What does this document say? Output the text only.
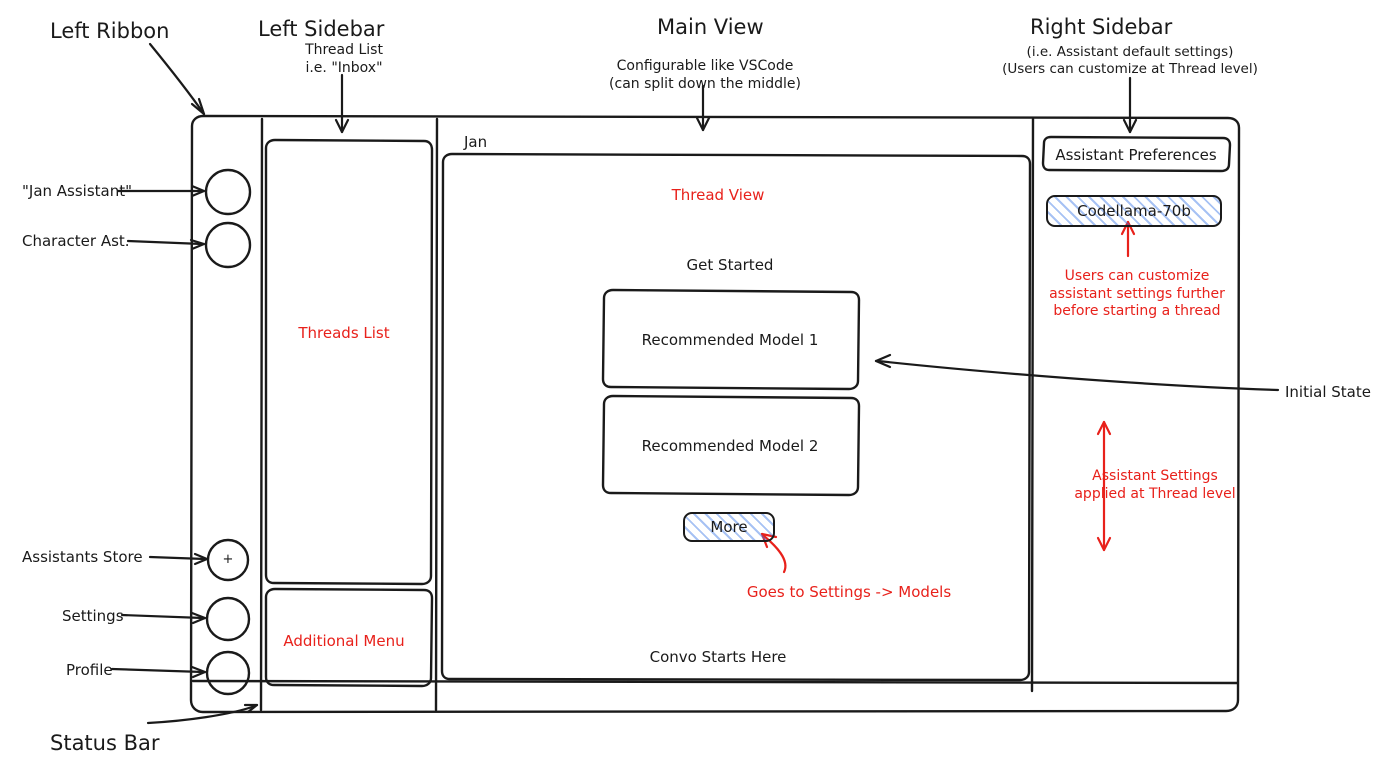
Left Ribbon	Left Sidebar	Main View	Right Sidebar
Thread List
i.e. "Inbox"	Configurable like VSCode
(can split down the middle)
(i.e. Assistant default settings)
(Users can customize at Thread level)
"Jan Assistant"
Character Ast.
Assistants Store
Settings
Profile
Status Bar
Initial State
Threads List
Thread View
Additional Menu
Goes to Settings -> Models
Users can customize
assistant settings further
before starting a thread
Assistant Settings
applied at Thread level
Jan
Get Started
Recommended Model 1
Recommended Model 2
More
Convo Starts Here
Assistant Preferences
Codellama-70b
+
